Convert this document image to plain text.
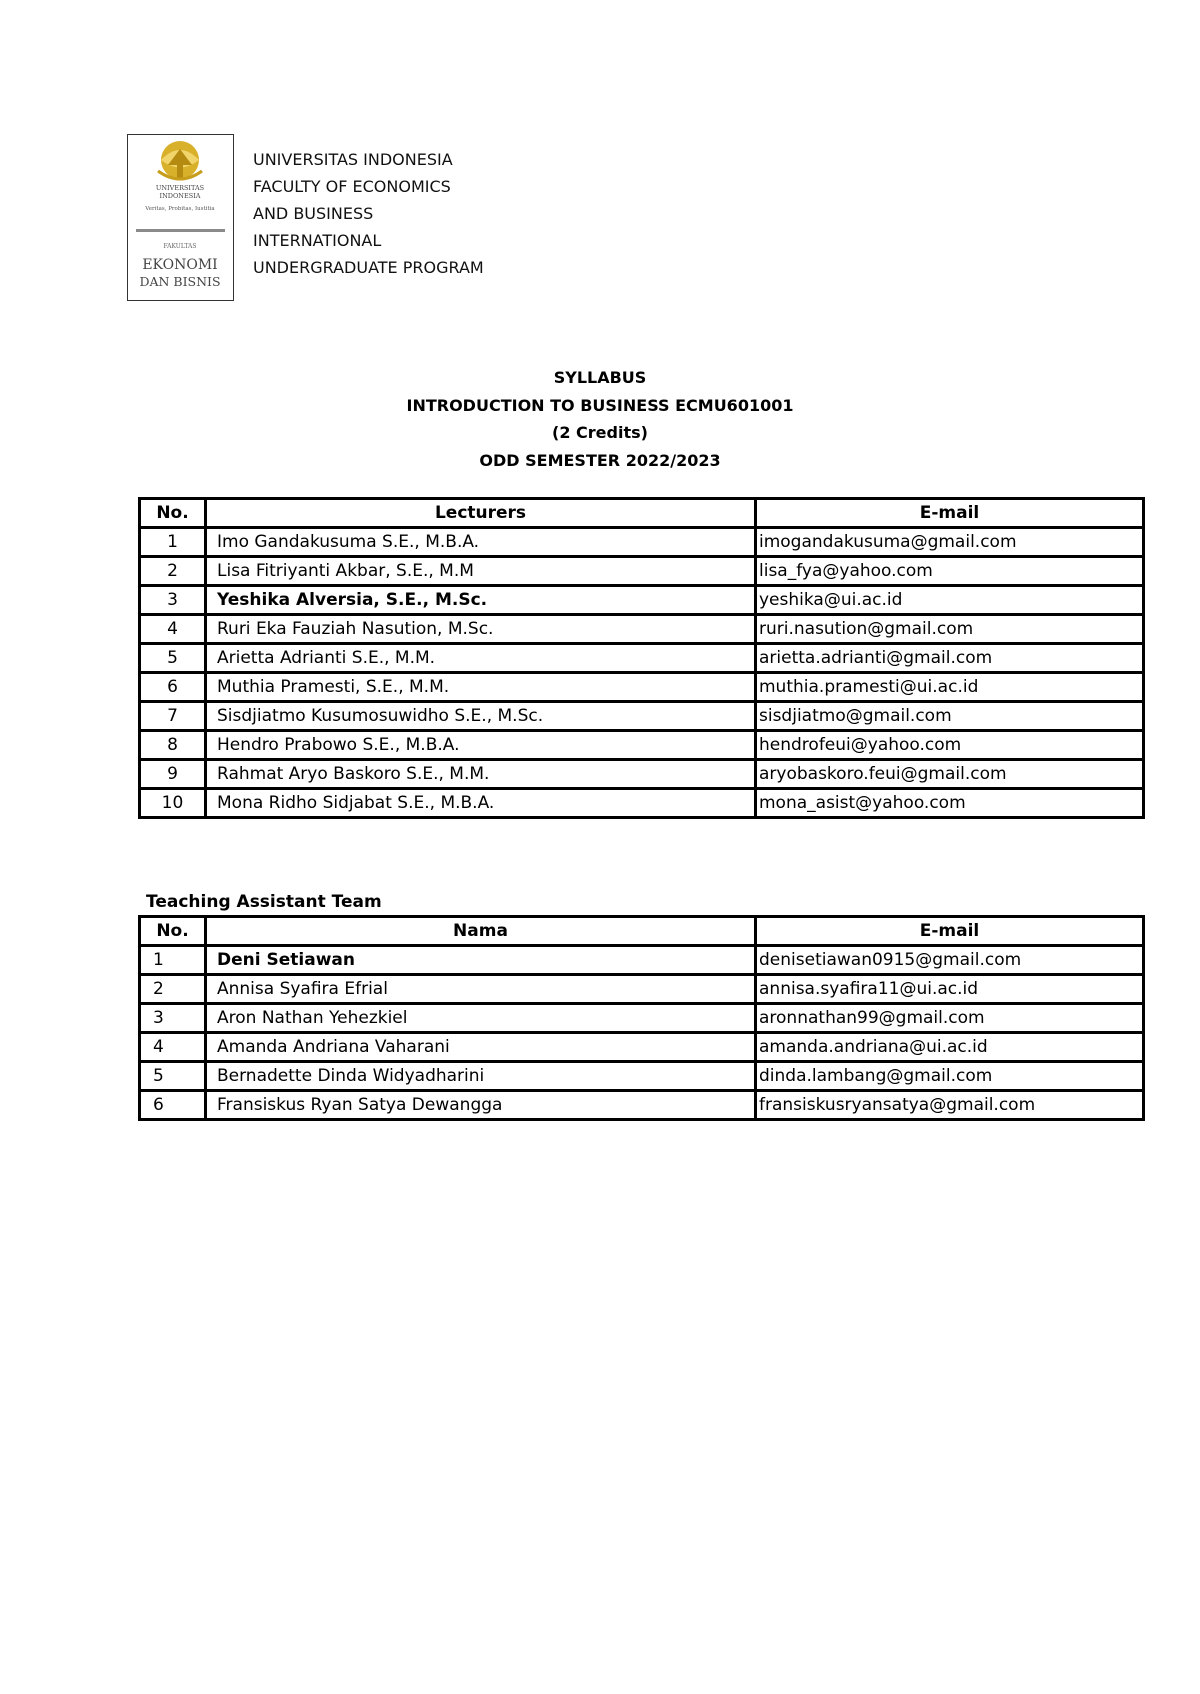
UNIVERSITAS
INDONESIA
Veritas, Probitas, Iustitia
FAKULTAS
EKONOMI
DAN BISNIS
UNIVERSITAS INDONESIA
FACULTY OF ECONOMICS
AND BUSINESS
INTERNATIONAL
UNDERGRADUATE PROGRAM
SYLLABUS
INTRODUCTION TO BUSINESS ECMU601001
(2 Credits)
ODD SEMESTER 2022/2023
No.	Lecturers	E-mail
1	Imo Gandakusuma S.E., M.B.A.	imogandakusuma@gmail.com
2	Lisa Fitriyanti Akbar, S.E., M.M	lisa_fya@yahoo.com
3	Yeshika Alversia, S.E., M.Sc.	yeshika@ui.ac.id
4	Ruri Eka Fauziah Nasution, M.Sc.	ruri.nasution@gmail.com
5	Arietta Adrianti S.E., M.M.	arietta.adrianti@gmail.com
6	Muthia Pramesti, S.E., M.M.	muthia.pramesti@ui.ac.id
7	Sisdjiatmo Kusumosuwidho S.E., M.Sc.	sisdjiatmo@gmail.com
8	Hendro Prabowo S.E., M.B.A.	hendrofeui@yahoo.com
9	Rahmat Aryo Baskoro S.E., M.M.	aryobaskoro.feui@gmail.com
10	Mona Ridho Sidjabat S.E., M.B.A.	mona_asist@yahoo.com
Teaching Assistant Team
No.	Nama	E-mail
1	Deni Setiawan	denisetiawan0915@gmail.com
2	Annisa Syafira Efrial	annisa.syafira11@ui.ac.id
3	Aron Nathan Yehezkiel	aronnathan99@gmail.com
4	Amanda Andriana Vaharani	amanda.andriana@ui.ac.id
5	Bernadette Dinda Widyadharini	dinda.lambang@gmail.com
6	Fransiskus Ryan Satya Dewangga	fransiskusryansatya@gmail.com
